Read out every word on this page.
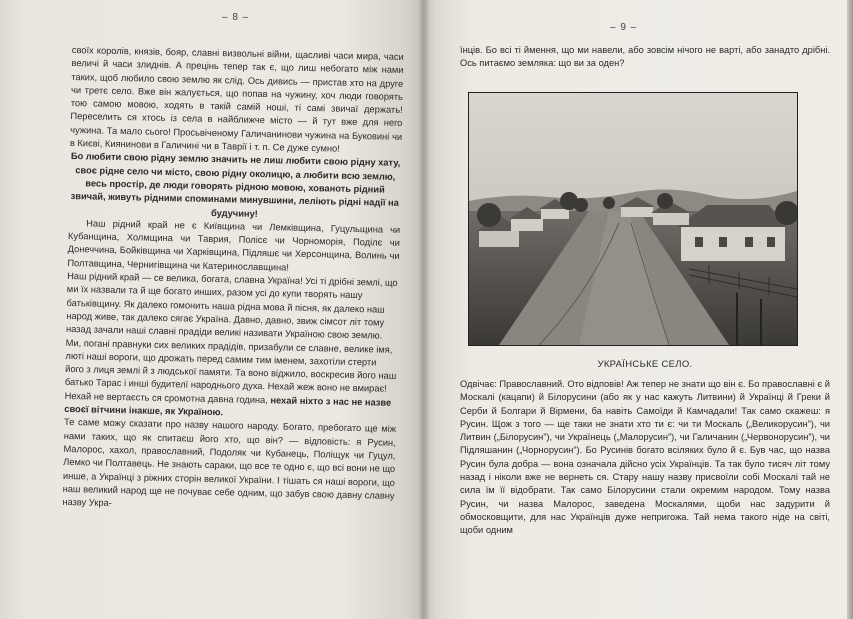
– 8 –

своїх королів, князів, бояр, славні визвольні війни, щасливі часи мира, часи величі й часи злиднів. А прецінь тепер так є, що лиш небогато між нами таких, щоб любило свою землю як слід. Ось дивись — пристав хто на друге чи третє село. Вже він жалується, що попав на чужину, хоч люди говорять тою самою мовою, ходять в такій самій ноші, ті самі звичаї держать! Переселить ся хтось із села в найближче місто — й тут вже для него чужина. Та мало сього! Просьвіченому Галичанинови чужина на Буковині чи в Києві, Киянинови в Галичині чи в Таврії і т. п. Се дуже сумно!

Бо любити свою рідну землю значить не лиш любити свою рідну хату, своє рідне село чи місто, свою рідну околицю, а любити всю землю, весь простір, де люди говорять рідною мовою, хованоть рідний звичай, живуть рідними споминами минувшини, леліють рідні надії на будучину!

Наш рідний край не є Київщина чи Лемківщина, Гуцульщина чи Кубанщина, Холмщина чи Таврия, Полісє чи Чорноморія, Поділє чи Донеччина, Бойківщина чи Харківщина, Підляшє чи Херсонщина, Волинь чи Полтавщина, Чернигівщина чи Катеринославщина!

Наш рідний край — се велика, богата, славна Україна! Усі ті дрібні землі, що ми їх назвали та й ще богато инших, разом усі до купи творять нашу батьківщину. Як далеко гомонить наша рідна мова й пісня, як далеко наш народ живе, так далеко сягає Україна. Давно, давно, звиж сімсот літ тому назад зачали наші славні прадіди великі називати Україною свою землю. Ми, погані правнуки сих великих прадідів, призабули се славне, велике імя, люті наші вороги, що дрожать перед самим тим іменем, захотіли стерти його з лиця землі й з людської памяти. Та воно віджило, воскресив його наш батько Тарас і инші будителї народнього духа. Нехай жеж воно не вмирає! Нехай не вертаєсть ся сромотна давна година, нехай ніхто з нас не назве своєї вітчини інакше, як Україною.

Те саме можу сказати про назву нашого народу. Богато, пребогато ще між нами таких, що як спитаєш його хто, що він? — відповість: я Русин, Малорос, хахол, православний, Подоляк чи Кубанець, Поліщук чи Гуцул, Лемко чи Полтавець. Не знають сараки, що все те одно є, що всі вони не що инше, а Українці з ріжних сторін великої України. І тішать ся наші вороги, що наш великий народ ще не почуває себе одним, що забув свою давну славну назву Укра-

– 9 –
їнців. Бо всі ті ймення, що ми навели, або зовсім нічого не варті, або занадто дрібні. Ось питаємо земляка: що ви за оден?
УКРАЇНСЬКЕ СЕЛО.
Одвічає: Православний. Ото відповів! Аж тепер не знати що він є. Бо православні є й Москалі (кацапи) й Білорусини (або як у нас кажуть Литвини) й Українці й Греки й Серби й Болгари й Вірмени, ба навіть Самоїди й Камчадали! Так само скажеш: я Русин. Щож з того — ще таки не знати хто ти є: чи ти Москаль („Великорусин”), чи Литвин („Білорусин”), чи Українець („Малорусин”), чи Галичанин („Червонорусин”), чи Підляшанин („Чорнорусин”). Бо Русинів богато всіляких було й є. Був час, що назва Русин була добра — вона означала дійсно усіх Українців. Та так було тисяч літ тому назад і ніколи вже не вернеть ся. Стару нашу назву присвоїли собі Москалі тай не сила їм її відобрати. Так само Білорусини стали окремим народом. Тому назва Русин, чи назва Малорос, заведена Москалями, щоби нас задурити й обмосковщити, для нас Українців дуже непригожа. Тай нема такого ніде на світі, щоби одним
